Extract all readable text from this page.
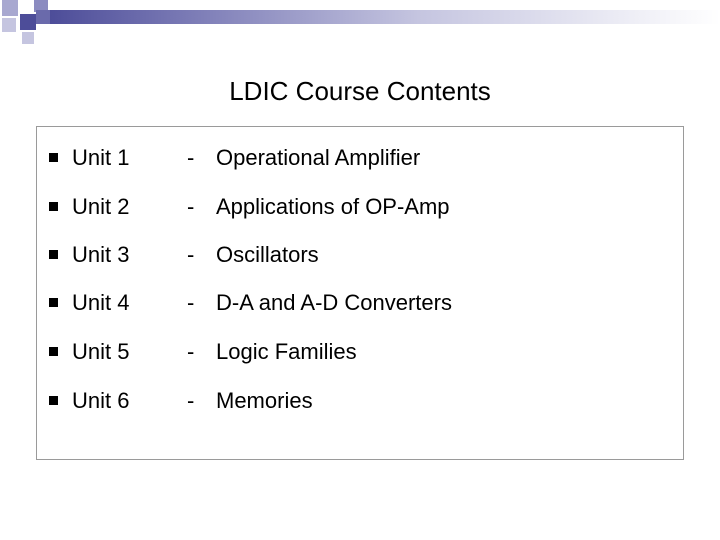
LDIC Course Contents
Unit 1	- Operational Amplifier
Unit 2	- Applications of OP-Amp
Unit 3	- Oscillators
Unit 4	- D-A and A-D Converters
Unit 5	- Logic Families
Unit 6	- Memories
